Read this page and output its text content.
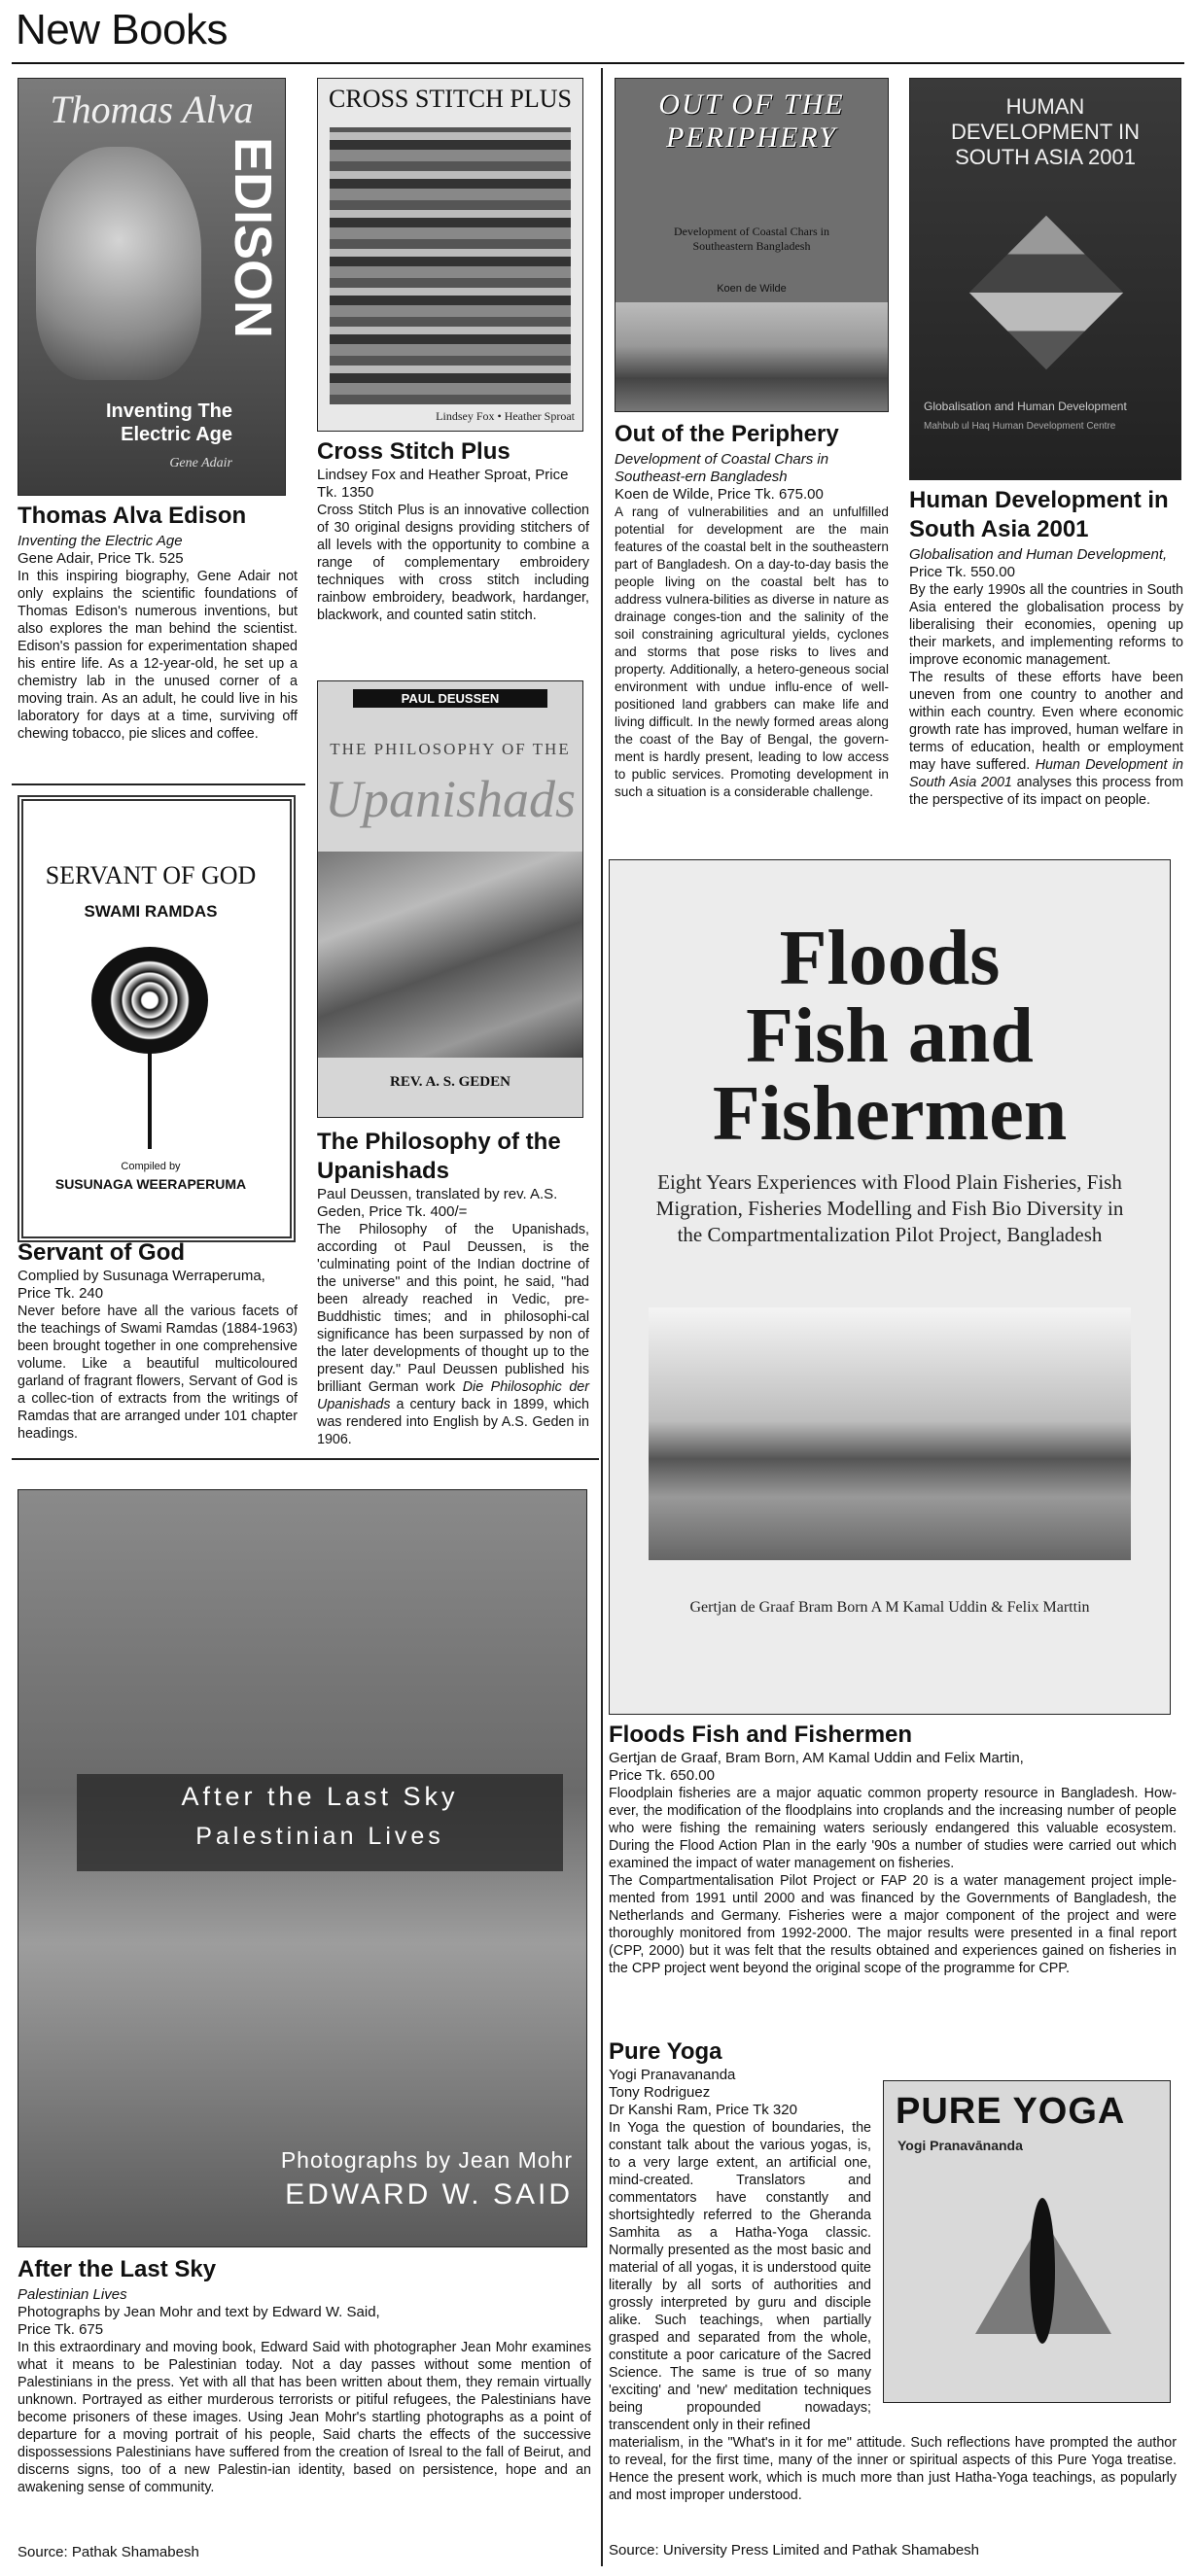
New Books
Thomas Alva
EDISON
Inventing The Electric Age
Gene Adair
Thomas Alva Edison
Inventing the Electric Age
Gene Adair, Price Tk. 525
In this inspiring biography, Gene Adair not only explains the scientific foundations of Thomas Edison's numerous inventions, but also explores the man behind the scientist. Edison's passion for experimentation shaped his entire life. As a 12-year-old, he set up a chemistry lab in the unused corner of a moving train. As an adult, he could live in his laboratory for days at a time, surviving off chewing tobacco, pie slices and coffee.
CROSS STITCH PLUS
Lindsey Fox • Heather Sproat
Cross Stitch Plus
Lindsey Fox and Heather Sproat, Price Tk. 1350
Cross Stitch Plus is an innovative collection of 30 original designs providing stitchers of all levels with the opportunity to combine a range of complementary embroidery techniques with cross stitch including rainbow embroidery, beadwork, hardanger, blackwork, and counted satin stitch.
OUT OF THE PERIPHERY
Development of Coastal Chars in Southeastern Bangladesh
Koen de Wilde
Out of the Periphery
Development of Coastal Chars in Southeast-ern Bangladesh
Koen de Wilde, Price Tk. 675.00
A rang of vulnerabilities and an unfulfilled potential for development are the main features of the coastal belt in the southeastern part of Bangladesh. On a day-to-day basis the people living on the coastal belt has to address vulnera-bilities as diverse in nature as drainage conges-tion and the salinity of the soil constraining agricultural yields, cyclones and storms that pose risks to lives and property. Additionally, a hetero-geneous social environment with undue influ-ence of well-positioned land grabbers can make life and living difficult. In the newly formed areas along the coast of the Bay of Bengal, the govern-ment is hardly present, leading to low access to public services. Promoting development in such a situation is a considerable challenge.
HUMAN DEVELOPMENT IN SOUTH ASIA 2001
Globalisation and Human Development
Mahbub ul Haq Human Development Centre
Human Development in South Asia 2001
Globalisation and Human Development,
Price Tk. 550.00
By the early 1990s all the countries in South Asia entered the globalisation process by liberalising their economies, opening up their markets, and implementing reforms to improve economic management.
The results of these efforts have been uneven from one country to another and within each country. Even where economic growth rate has improved, human welfare in terms of education, health or employment may have suffered. Human Development in South Asia 2001 analyses this process from the perspective of its impact on people.
SERVANT OF GOD
SWAMI RAMDAS
Compiled by
SUSUNAGA WEERAPERUMA
Servant of God
Complied by Susunaga Werraperuma, Price Tk. 240
Never before have all the various facets of the teachings of Swami Ramdas (1884-1963) been brought together in one comprehensive volume. Like a beautiful multicoloured garland of fragrant flowers, Servant of God is a collec-tion of extracts from the writings of Ramdas that are arranged under 101 chapter headings.
PAUL DEUSSEN
THE PHILOSOPHY OF THE
Upanishads
REV. A. S. GEDEN
The Philosophy of the Upanishads
Paul Deussen, translated by rev. A.S. Geden, Price Tk. 400/=
The Philosophy of the Upanishads, according ot Paul Deussen, is the 'culminating point of the Indian doctrine of the universe" and this point, he said, "had been already reached in Vedic, pre-Buddhistic times; and in philosophi-cal significance has been surpassed by non of the later developments of thought up to the present day." Paul Deussen published his brilliant German work Die Philosophic der Upanishads a century back in 1899, which was rendered into English by A.S. Geden in 1906.
Floods
Fish and
Fishermen
Eight Years Experiences with Flood Plain Fisheries, Fish Migration, Fisheries Modelling and Fish Bio Diversity in the Compartmentalization Pilot Project, Bangladesh
Gertjan de Graaf Bram Born A M Kamal Uddin & Felix Marttin
Floods Fish and Fishermen
Gertjan de Graaf, Bram Born, AM Kamal Uddin and Felix Martin,
Price Tk. 650.00
Floodplain fisheries are a major aquatic common property resource in Bangladesh. How-ever, the modification of the floodplains into croplands and the increasing number of people who were fishing the remaining waters seriously endangered this valuable ecosystem. During the Flood Action Plan in the early '90s a number of studies were carried out which examined the impact of water management on fisheries.
The Compartmentalisation Pilot Project or FAP 20 is a water management project imple-mented from 1991 until 2000 and was financed by the Governments of Bangladesh, the Netherlands and Germany. Fisheries were a major component of the project and were thoroughly monitored from 1992-2000. The major results were presented in a final report (CPP, 2000) but it was felt that the results obtained and experiences gained on fisheries in the CPP project went beyond the original scope of the programme for CPP.
After the Last Sky
Palestinian Lives
Photographs by Jean Mohr
EDWARD W. SAID
After the Last Sky
Palestinian Lives
Photographs by Jean Mohr and text by Edward W. Said,
Price Tk. 675
In this extraordinary and moving book, Edward Said with photographer Jean Mohr examines what it means to be Palestinian today. Not a day passes without some mention of Palestinians in the press. Yet with all that has been written about them, they remain virtually unknown. Portrayed as either murderous terrorists or pitiful refugees, the Palestinians have become prisoners of these images. Using Jean Mohr's startling photographs as a point of departure for a moving portrait of his people, Said charts the effects of the successive dispossessions Palestinians have suffered from the creation of Isreal to the fall of Beirut, and discerns signs, too of a new Palestin-ian identity, based on persistence, hope and an awakening sense of community.
Source: Pathak Shamabesh
PURE YOGA
Yogi Pranavānanda
Pure Yoga
Yogi Pranavananda
Tony Rodriguez
Dr Kanshi Ram, Price Tk 320
In Yoga the question of boundaries, the constant talk about the various yogas, is, to a very large extent, an artificial one, mind-created. Translators and commentators have constantly and shortsightedly referred to the Gheranda Samhita as a Hatha-Yoga classic. Normally presented as the most basic and material of all yogas, it is understood quite literally by all sorts of authorities and grossly interpreted by guru and disciple alike. Such teachings, when partially grasped and separated from the whole, constitute a poor caricature of the Sacred Science. The same is true of so many 'exciting' and 'new' meditation techniques being propounded nowadays; transcendent only in their refined
materialism, in the "What's in it for me" attitude. Such reflections have prompted the author to reveal, for the first time, many of the inner or spiritual aspects of this Pure Yoga treatise. Hence the present work, which is much more than just Hatha-Yoga teachings, as popularly and most improper understood.
Source: University Press Limited and Pathak Shamabesh
